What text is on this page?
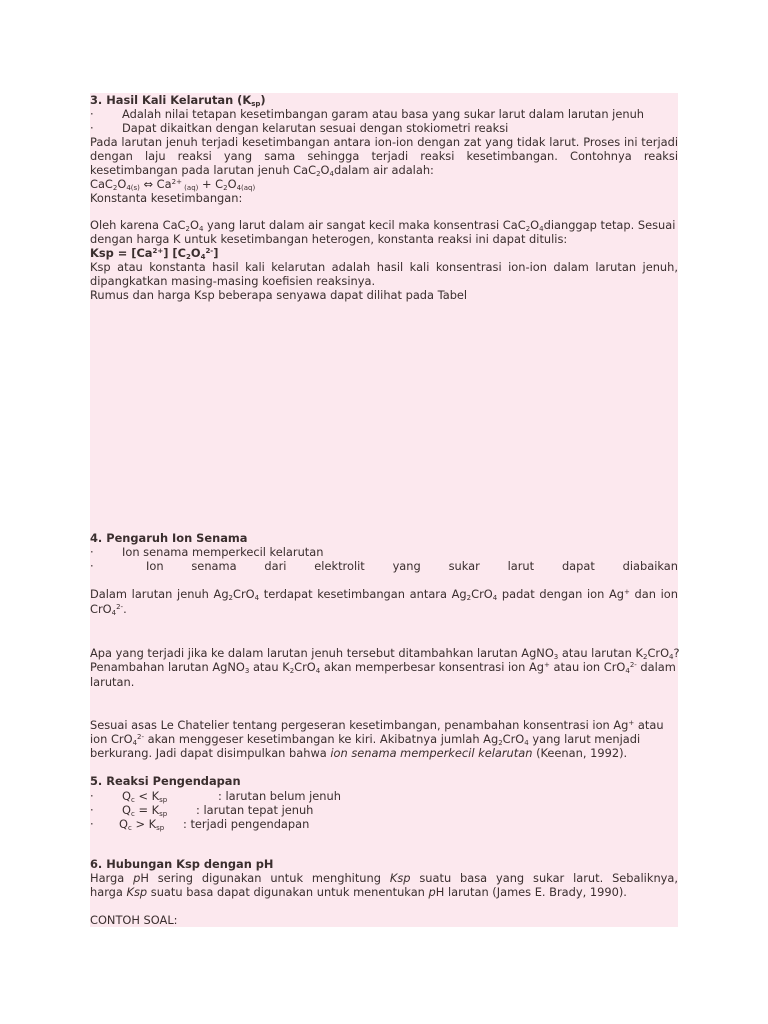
3. Hasil Kali Kelarutan $(K_{sp})$
· Adalah nilai tetapan kesetimbangan garam atau basa yang sukar larut dalam larutan jenuh
· Dapat dikaitkan dengan kelarutan sesuai dengan stokiometri reaksi
Pada larutan jenuh terjadi kesetimbangan antara ion-ion dengan zat yang tidak larut. Proses ini terjadi
dengan laju reaksi yang sama sehingga terjadi reaksi kesetimbangan. Contohnya reaksi
kesetimbangan pada larutan jenuh $CaC_2O_4dalam$ air adalah:
$CaC_2O_{4(s)}$ ⇔ $Ca^{2+}$ $_{(aq)} + C_2O_{4(aq)}$
Konstanta kesetimbangan:
Oleh karena $CaC_2O_4$ yang larut dalam air sangat kecil maka konsentrasi $CaC_2O_4dianggap$ tetap. Sesuai
dengan harga K untuk kesetimbangan heterogen, konstanta reaksi ini dapat ditulis:
Ksp = $[Ca^{2+}]$ $[C_2O_4^{2-}]$
Ksp atau konstanta hasil kali kelarutan adalah hasil kali konsentrasi ion-ion dalam larutan jenuh,
dipangkatkan masing-masing koefisien reaksinya.
Rumus dan harga Ksp beberapa senyawa dapat dilihat pada Tabel
4. Pengaruh Ion Senama
· Ion senama memperkecil kelarutan
·	Ion senama dari elektrolit yang sukar larut dapat diabaikan
Dalam larutan jenuh $Ag_2CrO_4$ terdapat kesetimbangan antara $Ag_2CrO_4$ padat dengan ion Ag+ dan ion
CrO$_4^{2-}$.
Apa yang terjadi jika ke dalam larutan jenuh tersebut ditambahkan larutan AgNO$_3$ atau larutan $K_2CrO_4$?
Penambahan larutan AgNO$_3$ atau $K_2CrO_4$ akan memperbesar konsentrasi ion Ag+ atau ion CrO$_4^{2-}$ dalam
larutan.
Sesuai asas Le Chatelier tentang pergeseran kesetimbangan, penambahan konsentrasi ion Ag+ atau
ion CrO$_4^{2-}$ akan menggeser kesetimbangan ke kiri. Akibatnya jumlah $Ag_2CrO_4$ yang larut menjadi
berkurang. Jadi dapat disimpulkan bahwa ion senama memperkecil kelarutan (Keenan, 1992).
5. Reaksi Pengendapan
· $Q_c < K_{sp}$	: larutan belum jenuh
· $Q_c = K_{sp}$	: larutan tepat jenuh
· $Q_c > K_{sp}$ : terjadi pengendapan
6. Hubungan Ksp dengan pH
Harga pH sering digunakan untuk menghitung Ksp suatu basa yang sukar larut. Sebaliknya,
harga Ksp suatu basa dapat digunakan untuk menentukan pH larutan (James E. Brady, 1990).
CONTOH SOAL:
